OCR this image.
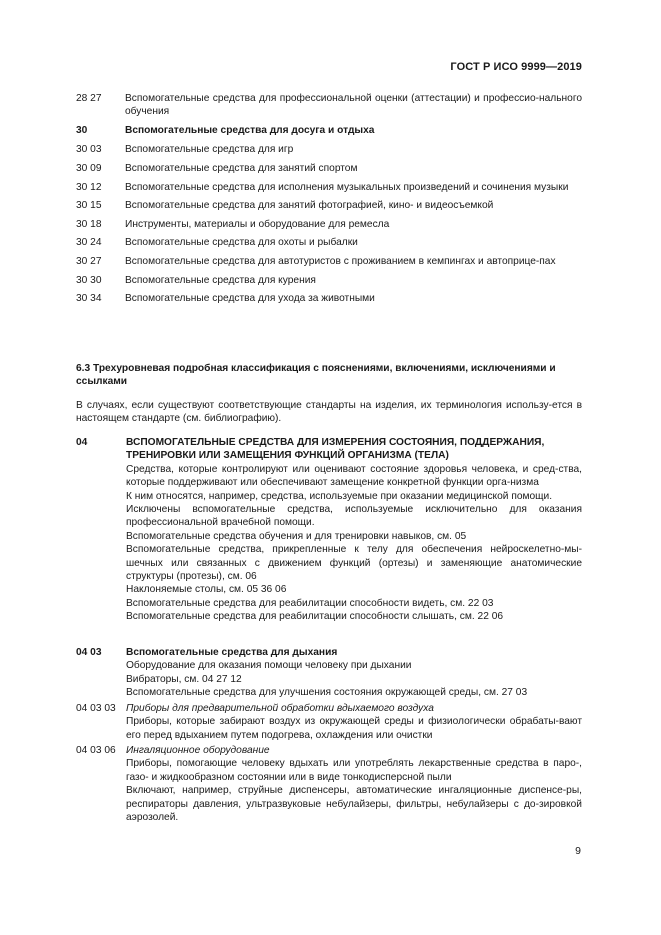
ГОСТ Р ИСО 9999—2019
28 27	Вспомогательные средства для профессиональной оценки (аттестации) и профессио-нального обучения
30	Вспомогательные средства для досуга и отдыха
30 03	Вспомогательные средства для игр
30 09	Вспомогательные средства для занятий спортом
30 12	Вспомогательные средства для исполнения музыкальных произведений и сочинения музыки
30 15	Вспомогательные средства для занятий фотографией, кино- и видеосъемкой
30 18	Инструменты, материалы и оборудование для ремесла
30 24	Вспомогательные средства для охоты и рыбалки
30 27	Вспомогательные средства для автотуристов с проживанием в кемпингах и автоприце-пах
30 30	Вспомогательные средства для курения
30 34	Вспомогательные средства для ухода за животными
6.3 Трехуровневая подробная классификация с пояснениями, включениями, исключениями и ссылками
В случаях, если существуют соответствующие стандарты на изделия, их терминология использу-ется в настоящем стандарте (см. библиографию).
04	ВСПОМОГАТЕЛЬНЫЕ СРЕДСТВА ДЛЯ ИЗМЕРЕНИЯ СОСТОЯНИЯ, ПОДДЕРЖАНИЯ, ТРЕНИРОВКИ ИЛИ ЗАМЕЩЕНИЯ ФУНКЦИЙ ОРГАНИЗМА (ТЕЛА)

Средства, которые контролируют или оценивают состояние здоровья человека, и сред-ства, которые поддерживают или обеспечивают замещение конкретной функции орга-низма

К ним относятся, например, средства, используемые при оказании медицинской помощи.

Исключены вспомогательные средства, используемые исключительно для оказания профессиональной врачебной помощи.

Вспомогательные средства обучения и для тренировки навыков, см. 05

Вспомогательные средства, прикрепленные к телу для обеспечения нейроскелетно-мы-шечных или связанных с движением функций (ортезы) и заменяющие анатомические структуры (протезы), см. 06

Наклоняемые столы, см. 05 36 06

Вспомогательные средства для реабилитации способности видеть, см. 22 03

Вспомогательные средства для реабилитации способности слышать, см. 22 06

04 03	Вспомогательные средства для дыхания

Оборудование для оказания помощи человеку при дыхании

Вибраторы, см. 04 27 12

Вспомогательные средства для улучшения состояния окружающей среды, см. 27 03

04 03 03	Приборы для предварительной обработки вдыхаемого воздуха

Приборы, которые забирают воздух из окружающей среды и физиологически обрабаты-вают его перед вдыханием путем подогрева, охлаждения или очистки

04 03 06	Ингаляционное оборудование

Приборы, помогающие человеку вдыхать или употреблять лекарственные средства в паро-, газо- и жидкообразном состоянии или в виде тонкодисперсной пыли

Включают, например, струйные диспенсеры, автоматические ингаляционные диспенсе-ры, респираторы давления, ультразвуковые небулайзеры, фильтры, небулайзеры с до-зировкой аэрозолей.

9
